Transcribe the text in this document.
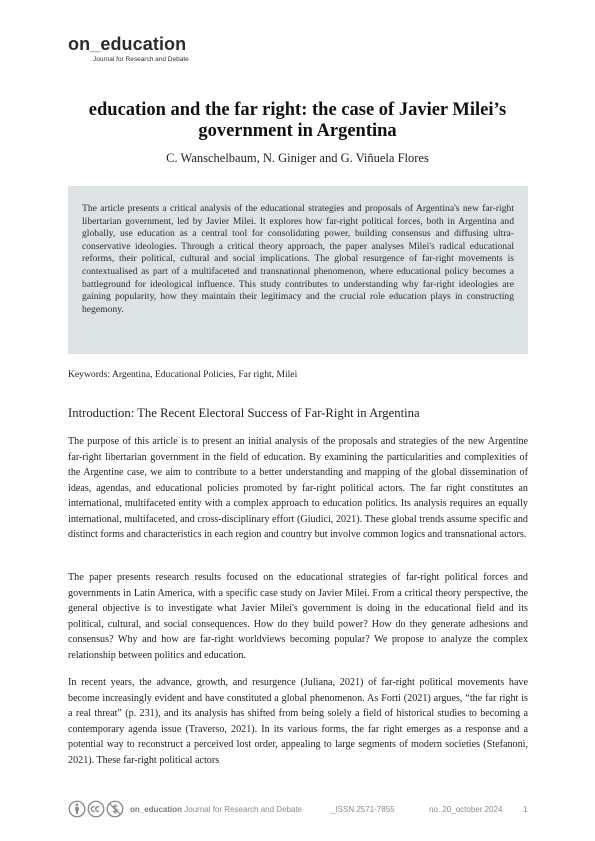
on_education
Journal for Research and Debate
education and the far right: the case of Javier Milei’s government in Argentina
C. Wanschelbaum, N. Giniger and G. Viñuela Flores
The article presents a critical analysis of the educational strategies and proposals of Argentina's new far-right libertarian government, led by Javier Milei. It explores how far-right political forces, both in Argentina and globally, use education as a central tool for consolidating power, building consensus and diffusing ultra-conservative ideologies. Through a critical theory approach, the paper analyses Milei's radical educational reforms, their political, cultural and social implications. The global resurgence of far-right movements is contextualised as part of a multifaceted and transnational phenomenon, where educational policy becomes a battleground for ideological influence. This study contributes to understanding why far-right ideologies are gaining popularity, how they maintain their legitimacy and the crucial role education plays in constructing hegemony.
Keywords: Argentina, Educational Policies, Far right, Milei
Introduction: The Recent Electoral Success of Far-Right in Argentina
The purpose of this article is to present an initial analysis of the proposals and strategies of the new Argentine far-right libertarian government in the field of education. By examining the particularities and complexities of the Argentine case, we aim to contribute to a better understanding and mapping of the global dissemination of ideas, agendas, and educational policies promoted by far-right political actors. The far right constitutes an international, multifaceted entity with a complex approach to education politics. Its analysis requires an equally international, multifaceted, and cross-disciplinary effort (Giudici, 2021). These global trends assume specific and distinct forms and characteristics in each region and country but involve common logics and transnational actors.
The paper presents research results focused on the educational strategies of far-right political forces and governments in Latin America, with a specific case study on Javier Milei. From a critical theory perspective, the general objective is to investigate what Javier Milei's government is doing in the educational field and its political, cultural, and social consequences. How do they build power? How do they generate adhesions and consensus? Why and how are far-right worldviews becoming popular? We propose to analyze the complex relationship between politics and education.
In recent years, the advance, growth, and resurgence (Juliana, 2021) of far-right political movements have become increasingly evident and have constituted a global phenomenon. As Forti (2021) argues, “the far right is a real threat” (p. 231), and its analysis has shifted from being solely a field of historical studies to becoming a contemporary agenda issue (Traverso, 2021). In its various forms, the far right emerges as a response and a potential way to reconstruct a perceived lost order, appealing to large segments of modern societies (Stefanoni, 2021). These far-right political actors
on_education Journal for Research and Debate	_ISSN 2571-7855	no. 20_october 2024	1
